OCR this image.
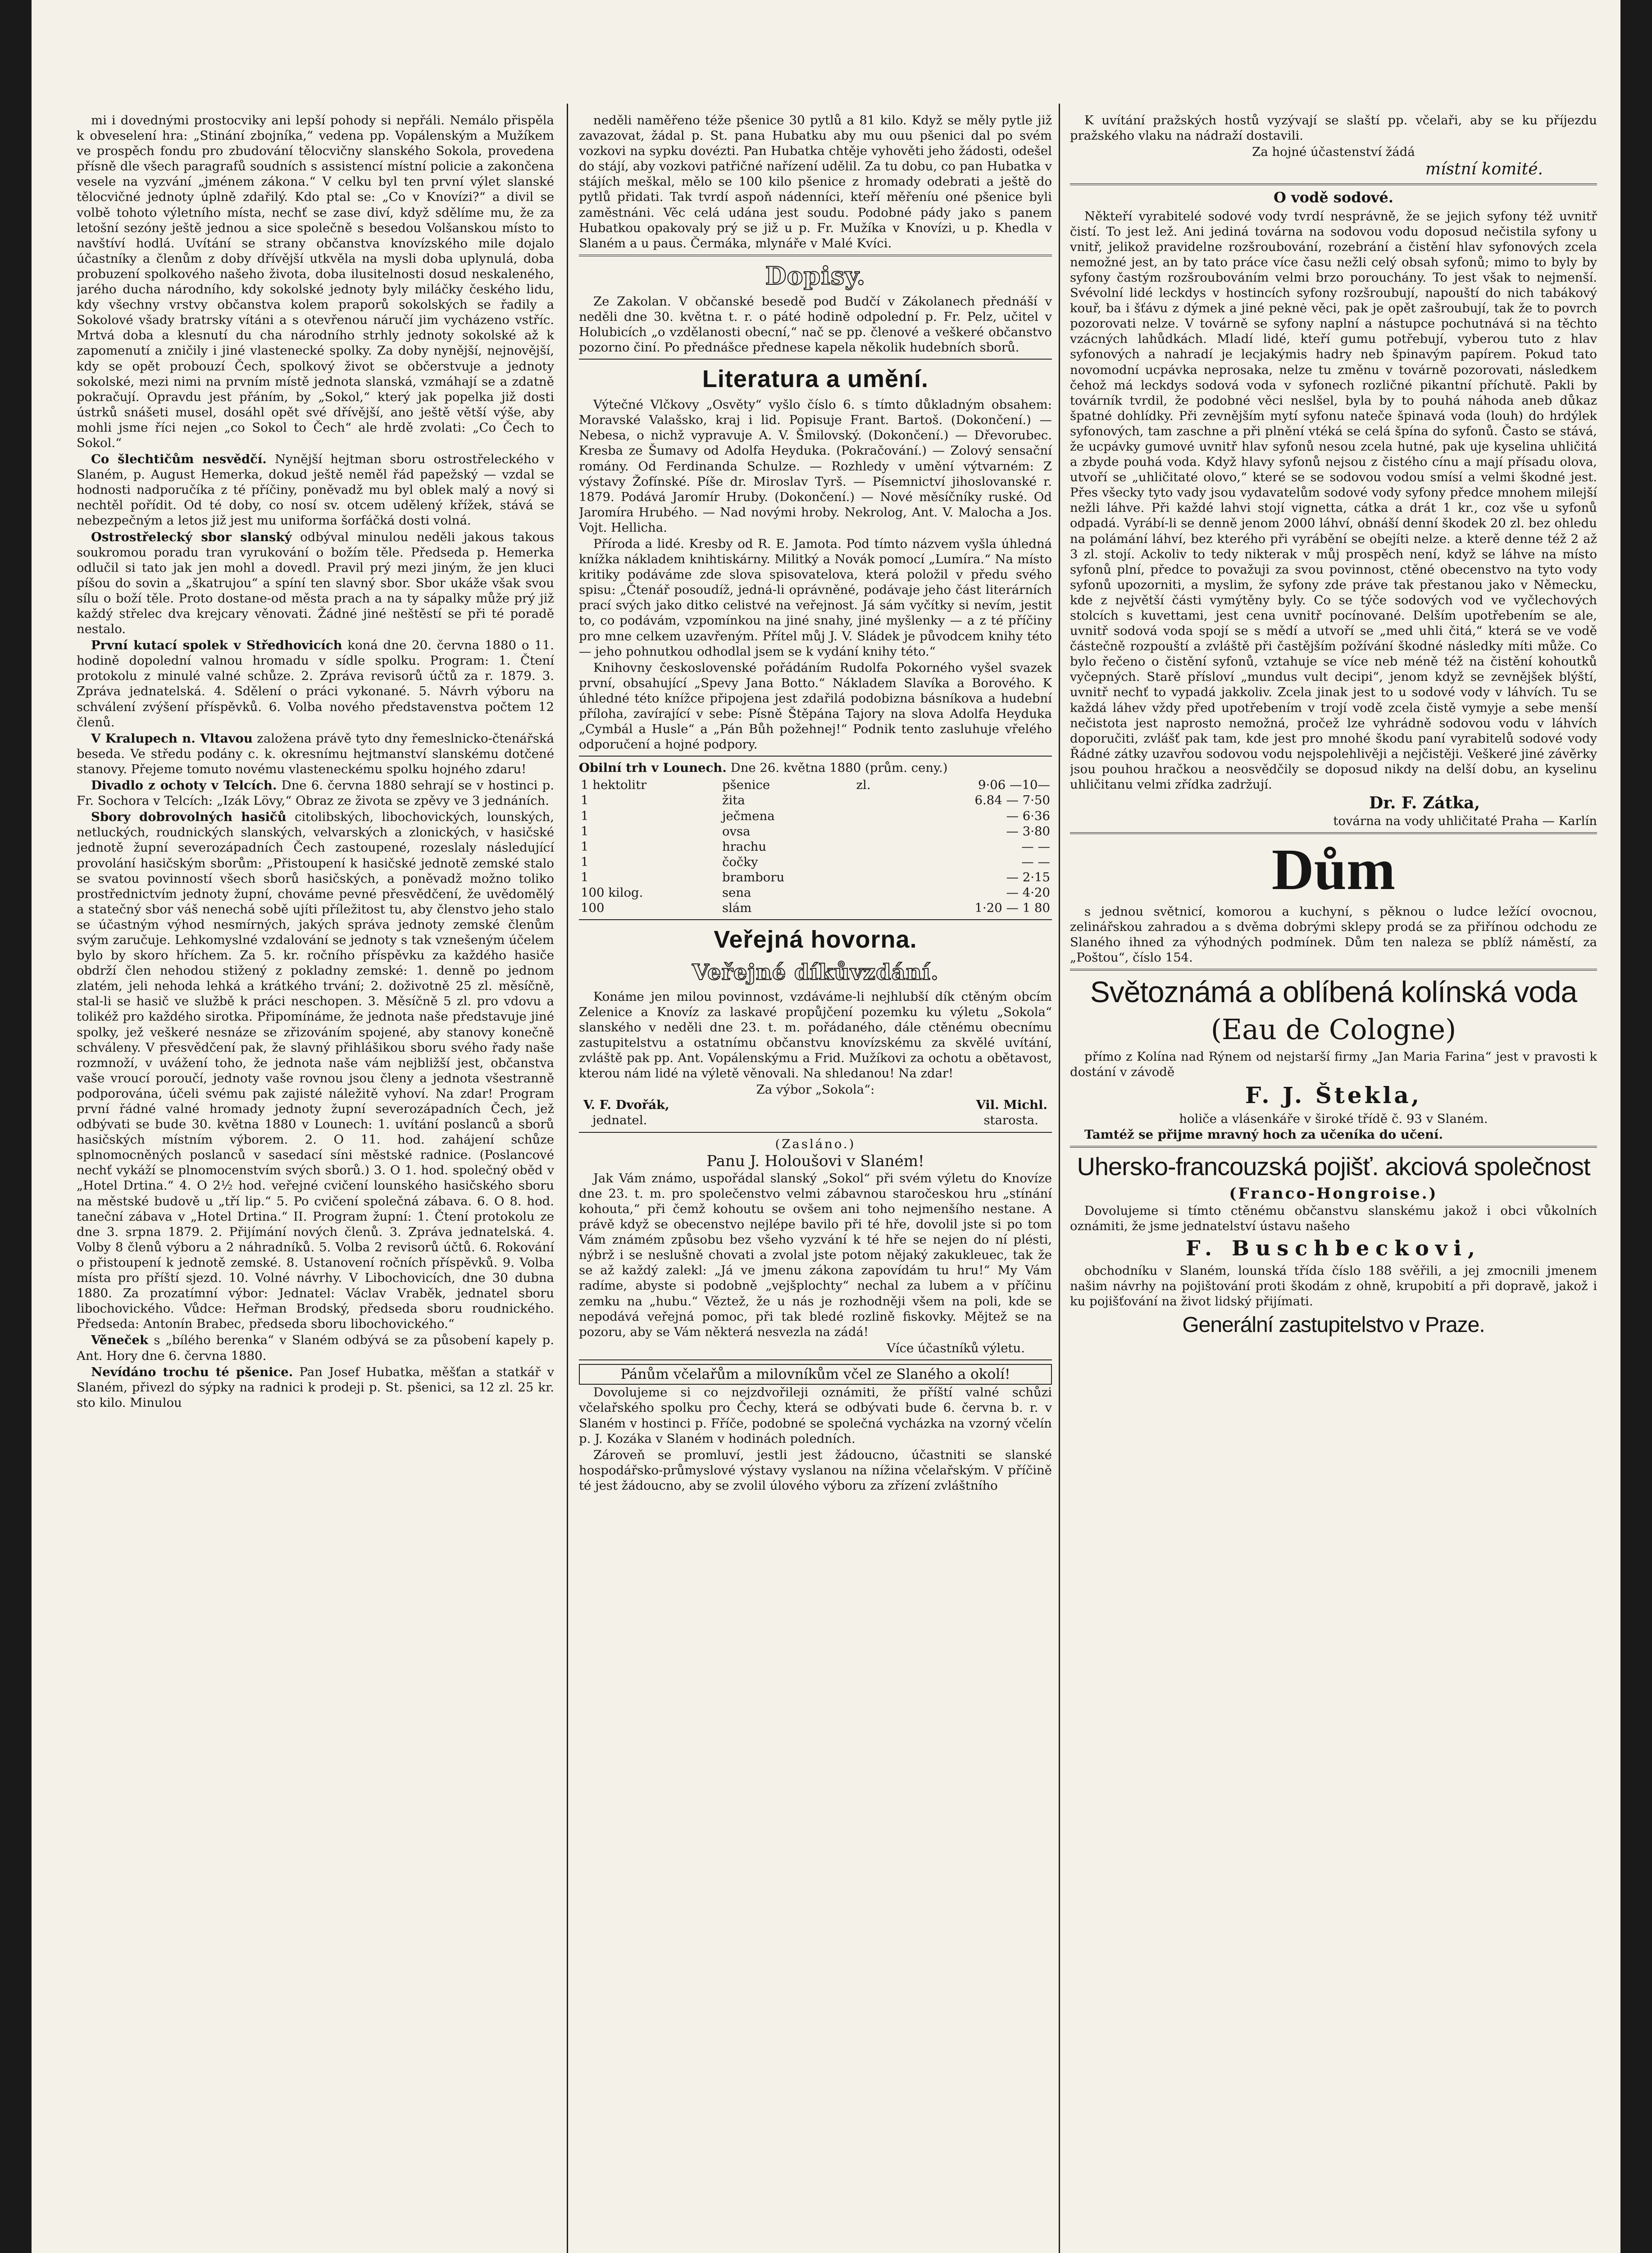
mi i dovednými prostocviky ani lepší pohody si nepřáli. Nemálo přispěla k obveselení hra: „Stinání zbojníka,“ vedena pp. Vopálenským a Mužíkem ve prospěch fondu pro zbudování tělocvičny slanského Sokola, provedena přísně dle všech paragrafů soudních s assistencí místní policie a zakončena vesele na vyzvání „jménem zákona.“ V celku byl ten první výlet slanské tělocvičné jednoty úplně zdařilý. Kdo ptal se: „Co v Knovízi?“ a divil se volbě tohoto výletního místa, nechť se zase diví, když sdělíme mu, že za letošní sezóny ještě jednou a sice společně s besedou Volšanskou místo to navštíví hodlá. Uvítání se strany občanstva knovízského mile dojalo účastníky a členům z doby dřívější utkvěla na mysli doba uplynulá, doba probuzení spolkového našeho života, doba ilusitelnosti dosud neskaleného, jarého ducha národního, kdy sokolské jednoty byly miláčky českého lidu, kdy všechny vrstvy občanstva kolem praporů sokolských se řadily a Sokolové všady bratrsky vítáni a s otevřenou náručí jim vycházeno vstříc. Mrtvá doba a klesnutí du cha národního strhly jednoty sokolské až k zapomenutí a zničily i jiné vlastenecké spolky. Za doby nynější, nejnovější, kdy se opět probouzí Čech, spolkový život se občerstvuje a jednoty sokolské, mezi nimi na prvním místě jednota slanská, vzmáhají se a zdatně pokračují. Opravdu jest přáním, by „Sokol,“ který jak popelka již dosti ústrků snášeti musel, dosáhl opět své dřívější, ano ještě větší výše, aby mohli jsme říci nejen „co Sokol to Čech“ ale hrdě zvolati: „Co Čech to Sokol.“

Co šlechtičům nesvědčí. Nynější hejtman sboru ostrostřeleckého v Slaném, p. August Hemerka, dokud ještě neměl řád papežský — vzdal se hodnosti nadporučíka z té příčiny, poněvadž mu byl oblek malý a nový si nechtěl pořídit. Od té doby, co nosí sv. otcem udělený křížek, stává se nebezpečným a letos již jest mu uniforma šorfáčká dosti volná.

Ostrostřelecký sbor slanský odbýval minulou neděli jakous takous soukromou poradu tran vyrukování o božím těle. Předseda p. Hemerka odlučil si tato jak jen mohl a dovedl. Pravil prý mezi jiným, že jen kluci píšou do sovin a „škatrujou“ a spíní ten slavný sbor. Sbor ukáže však svou sílu o boží těle. Proto dostane-od města prach a na ty sápalky může prý již každý střelec dva krejcary věnovati. Žádné jiné neštěstí se při té poradě nestalo.

První kutací spolek v Středhovicích koná dne 20. června 1880 o 11. hodině dopolední valnou hromadu v sídle spolku. Program: 1. Čtení protokolu z minulé valné schůze. 2. Zpráva revisorů účtů za r. 1879. 3. Zpráva jednatelská. 4. Sdělení o práci vykonané. 5. Návrh výboru na schválení zvýšení příspěvků. 6. Volba nového představenstva počtem 12 členů.

V Kralupech n. Vltavou založena právě tyto dny řemeslnicko-čtenářská beseda. Ve středu podány c. k. okresnímu hejtmanství slanskému dotčené stanovy. Přejeme tomuto novému vlasteneckému spolku hojného zdaru!

Divadlo z ochoty v Telcích. Dne 6. června 1880 sehrají se v hostinci p. Fr. Sochora v Telcích: „Izák Lövy,“ Obraz ze života se zpěvy ve 3 jednáních.

Sbory dobrovolných hasičů citolibských, libochovických, lounských, netluckých, roudnických slanských, velvarských a zlonických, v hasičské jednotě župní severozápadních Čech zastoupené, rozeslaly následující provolání hasičským sborům: „Přistoupení k hasičské jednotě zemské stalo se svatou povinností všech sborů hasičských, a poněvadž možno toliko prostřednictvím jednoty župní, chováme pevné přesvědčení, že uvědomělý a statečný sbor váš nenechá sobě ujíti příležitost tu, aby členstvo jeho stalo se účastným výhod nesmírných, jakých správa jednoty zemské členům svým zaručuje. Lehkomyslné vzdalování se jednoty s tak vznešeným účelem bylo by skoro hříchem. Za 5. kr. ročního příspěvku za každého hasiče obdrží člen nehodou stižený z pokladny zemské: 1. denně po jednom zlatém, jeli nehoda lehká a krátkého trvání; 2. doživotně 25 zl. měsíčně, stal-li se hasič ve službě k práci neschopen. 3. Měsíčně 5 zl. pro vdovu a tolikéž pro každého sirotka. Připomínáme, že jednota naše představuje jiné spolky, jež veškeré nesnáze se zřizováním spojené, aby stanovy konečně schváleny. V přesvědčení pak, že slavný přihlášikou sboru svého řady naše rozmnoží, v uvážení toho, že jednota naše vám nejbližší jest, občanstva vaše vroucí poroučí, jednoty vaše rovnou jsou členy a jednota všestranně podporována, účeli svému pak zajisté náležitě vyhoví. Na zdar! Program první řádné valné hromady jednoty župní severozápadních Čech, jež odbývati se bude 30. května 1880 v Lounech: 1. uvítání poslanců a sborů hasičských místním výborem. 2. O 11. hod. zahájení schůze splnomocněných poslanců v sasedací síni městské radnice. (Poslancové nechť vykáží se plnomocenstvím svých sborů.) 3. O 1. hod. společný oběd v „Hotel Drtina.“ 4. O 2½ hod. veřejné cvičení lounského hasičského sboru na městské budově u „tří lip.“ 5. Po cvičení společná zábava. 6. O 8. hod. taneční zábava v „Hotel Drtina.“ II. Program župní: 1. Čtení protokolu ze dne 3. srpna 1879. 2. Přijímání nových členů. 3. Zpráva jednatelská. 4. Volby 8 členů výboru a 2 náhradníků. 5. Volba 2 revisorů účtů. 6. Rokování o přistoupení k jednotě zemské. 8. Ustanovení ročních příspěvků. 9. Volba místa pro příští sjezd. 10. Volné návrhy. V Libochovicích, dne 30 dubna 1880. Za prozatímní výbor: Jednatel: Václav Vraběk, jednatel sboru libochovického. Vůdce: Heřman Brodský, předseda sboru roudnického. Předseda: Antonín Brabec, předseda sboru libochovického.“

Věneček s „bílého berenka“ v Slaném odbývá se za působení kapely p. Ant. Hory dne 6. června 1880.

Nevídáno trochu té pšenice. Pan Josef Hubatka, měšťan a statkář v Slaném, přivezl do sýpky na radnici k prodeji p. St. pšenici, sa 12 zl. 25 kr. sto kilo. Minulou

neděli naměřeno téže pšenice 30 pytlů a 81 kilo. Když se měly pytle již zavazovat, žádal p. St. pana Hubatku aby mu ouu pšenici dal po svém vozkovi na sypku dovézti. Pan Hubatka chtěje vyhověti jeho žádosti, odešel do stájí, aby vozkovi patřičné nařízení udělil. Za tu dobu, co pan Hubatka v stájích meškal, mělo se 100 kilo pšenice z hromady odebrati a ještě do pytlů přidati. Tak tvrdí aspoň nádenníci, kteří měřeníu oné pšenice byli zaměstnáni. Věc celá udána jest soudu. Podobné pády jako s panem Hubatkou opakovaly prý se již u p. Fr. Mužíka v Knovízi, u p. Khedla v Slaném a u paus. Čermáka, mlynáře v Malé Kvíci.

Dopisy.

Ze Zakolan. V občanské besedě pod Budčí v Zákolanech přednáší v neděli dne 30. května t. r. o páté hodině odpolední p. Fr. Pelz, učitel v Holubicích „o vzdělanosti obecní,“ nač se pp. členové a veškeré občanstvo pozorno činí. Po přednášce přednese kapela několik hudebních sborů.

Literatura a umění.

Výtečné Vlčkovy „Osvěty“ vyšlo číslo 6. s tímto důkladným obsahem: Moravské Valašsko, kraj i lid. Popisuje Frant. Bartoš. (Dokončení.) — Nebesa, o nichž vypravuje A. V. Šmilovský. (Dokončení.) — Dřevorubec. Kresba ze Šumavy od Adolfa Heyduka. (Pokračování.) — Zolový sensační romány. Od Ferdinanda Schulze. — Rozhledy v umění výtvarném: Z výstavy Žofínské. Píše dr. Miroslav Tyrš. — Písemnictví jihoslovanské r. 1879. Podává Jaromír Hruby. (Dokončení.) — Nové měsíčníky ruské. Od Jaromíra Hrubého. — Nad novými hroby. Nekrolog, Ant. V. Malocha a Jos. Vojt. Hellicha.

Příroda a lidé. Kresby od R. E. Jamota. Pod tímto názvem vyšla úhledná knížka nákladem knihtiskárny. Militký a Novák pomocí „Lumíra.“ Na místo kritiky podáváme zde slova spisovatelova, která položil v předu svého spisu: „Čtenář posoudíž, jedná-li oprávněné, podávaje jeho část literárních prací svých jako ditko celistvé na veřejnost. Já sám vyčítky si nevím, jestit to, co podávám, vzpomínkou na jiné snahy, jiné myšlenky — a z té příčiny pro mne celkem uzavřeným. Přítel můj J. V. Sládek je původcem knihy této — jeho pohnutkou odhodlal jsem se k vydání knihy této.“

Knihovny československé pořádáním Rudolfa Pokorného vyšel svazek první, obsahující „Spevy Jana Botto.“ Nákladem Slavíka a Borového. K úhledné této knížce připojena jest zdařilá podobizna básníkova a hudební příloha, zavírající v sebe: Písně Štěpána Tajory na slova Adolfa Heyduka „Cymbál a Husle“ a „Pán Bůh požehnej!“ Podnik tento zasluhuje vřelého odporučení a hojné podpory.

Obilní trh v Lounech. Dne 26. května 1880 (prům. ceny.)

1 hektolitr	pšenice	zl.	9·06 —10—
1	žita		6.84 — 7·50
1	ječmena		— 6·36
1	ovsa		— 3·80
1	hrachu		— —
1	čočky		— —
1	bramboru		— 2·15
100 kilog.	sena		— 4·20
100	slám		1·20 — 1 80
Veřejná hovorna.
Veřejné díkůvzdání.

Konáme jen milou povinnost, vzdáváme-li nejhlubší dík ctěným obcím Zelenice a Knovíz za laskavé propůjčení pozemku ku výletu „Sokola“ slanského v neděli dne 23. t. m. pořádaného, dále ctěnému obecnímu zastupitelstvu a ostatnímu občanstvu knovízskému za skvělé uvítání, zvláště pak pp. Ant. Vopálenskýmu a Frid. Mužíkovi za ochotu a obětavost, kterou nám lidé na výletě věnovali. Na shledanou! Na zdar!

Za výbor „Sokola“:
V. F. Dvořák,	Vil. Michl.
jednatel.	starosta.
(Zasláno.)
Panu J. Holoušovi v Slaném!

Jak Vám známo, uspořádal slanský „Sokol“ při svém výletu do Knovíze dne 23. t. m. pro společenstvo velmi zábavnou staročeskou hru „stínání kohouta,“ při čemž kohoutu se ovšem ani toho nejmenšího nestane. A právě když se obecenstvo nejlépe bavilo při té hře, dovolil jste si po tom Vám známém způsobu bez všeho vyzvání k té hře se nejen do ní plésti, nýbrž i se neslušně chovati a zvolal jste potom nějaký zakukleuec, tak že se až každý zalekl: „Já ve jmenu zákona zapovídám tu hru!“ My Vám radíme, abyste si podobně „vejšplochty“ nechal za lubem a v příčinu zemku na „hubu.“ Věztež, že u nás je rozhodněji všem na poli, kde se nepodává veřejná pomoc, při tak bledé rozlině fiskovky. Mějtež se na pozoru, aby se Vám některá nesvezla na zádá!

Více účastníků výletu.
Pánům včelařům a milovníkům včel ze Slaného a okolí!

Dovolujeme si co nejzdvořileji oznámiti, že příští valné schůzi včelařského spolku pro Čechy, která se odbývati bude 6. června b. r. v Slaném v hostinci p. Fříče, podobné se společná vycházka na vzorný včelín p. J. Kozáka v Slaném v hodinách poledních.

Zároveň se promluví, jestli jest žádoucno, účastniti se slanské hospodářsko-průmyslové výstavy vyslanou na nížina včelařským. V příčině té jest žádoucno, aby se zvolil úlového výboru za zřízení zvláštního

K uvítání pražských hostů vyzývají se slaští pp. včelaři, aby se ku příjezdu pražského vlaku na nádraží dostavili.

Za hojné účastenství žádá
místní komité.
O vodě sodové.

Někteří vyrabitelé sodové vody tvrdí nesprávně, že se jejich syfony též uvnitř čistí. To jest lež. Ani jediná továrna na sodovou vodu doposud nečistila syfony u vnitř, jelikož pravidelne rozšroubování, rozebrání a čistění hlav syfonových zcela nemožné jest, an by tato práce více času nežli celý obsah syfonů; mimo to byly by syfony častým rozšroubováním velmi brzo porouchány. To jest však to nejmenší. Svévolní lidé leckdys v hostincích syfony rozšroubují, napouští do nich tabákový kouř, ba i šťávu z dýmek a jiné peknė věci, pak je opět zašroubují, tak že to povrch pozorovati nelze. V továrně se syfony naplní a nástupce pochutnává si na těchto vzácných lahůdkách. Mladí lidé, kteří gumu potřebují, vyberou tuto z hlav syfonových a nahradí je lecjakýmis hadry neb špinavým papírem. Pokud tato novomodní ucpávka neprosaka, nelze tu změnu v továrně pozorovati, následkem čehož má leckdys sodová voda v syfonech rozličné pikantní příchutě. Pakli by továrník tvrdil, že podobné věci neslšel, byla by to pouhá náhoda aneb důkaz špatné dohlídky. Při zevnějším mytí syfonu nateče špinavá voda (louh) do hrdýlek syfonových, tam zaschne a při plnění vtéká se celá špína do syfonů. Často se stává, že ucpávky gumové uvnitř hlav syfonů nesou zcela hutné, pak uje kyselina uhličitá a zbyde pouhá voda. Když hlavy syfonů nejsou z čistého cínu a mají přísadu olova, utvoří se „uhličitaté olovo,“ které se se sodovou vodou smísí a velmi škodné jest. Přes všecky tyto vady jsou vydavatelům sodové vody syfony předce mnohem milejší nežli láhve. Při každé lahvi stojí vignetta, cátka a drát 1 kr., coz vše u syfonů odpadá. Vyrábí-li se denně jenom 2000 láhví, obnáší denní škodek 20 zl. bez ohledu na polámání láhví, bez kterého při vyrábění se obejíti nelze. a kterě denne též 2 až 3 zl. stojí. Ackoliv to tedy nikterak v můj prospěch není, když se láhve na místo syfonů plní, předce to považuji za svou povinnost, ctěné obecenstvo na tyto vody syfonů upozorniti, a myslim, že syfony zde práve tak přestanou jako v Německu, kde z největší části vymýtěny byly. Co se týče sodových vod ve vyčlechových stolcích s kuvettami, jest cena uvnitř pocínované. Delším upotřebením se ale, uvnitř sodová voda spojí se s mědí a utvoří se „med uhli čitá,“ která se ve vodě částečně rozpouští a zvláště při častějším požívání škodné následky míti může. Co bylo řečeno o čistění syfonů, vztahuje se více neb méně též na čistění kohoutků vyčepných. Starě přísloví „mundus vult decipi“, jenom když se zevnějšek blýští, uvnitř nechť to vypadá jakkoliv. Zcela jinak jest to u sodové vody v láhvích. Tu se každá láhev vždy před upotřebením v trojí vodě zcela čistě vymyje a sebe menší nečistota jest naprosto nemožná, pročež lze vyhrádně sodovou vodu v láhvích doporučiti, zvlášť pak tam, kde jest pro mnohé škodu paní vyrabitelů sodové vody Řádné zátky uzavřou sodovou vodu nejspolehlivěji a nejčistěji. Veškeré jiné závěrky jsou pouhou hračkou a neosvědčily se doposud nikdy na delší dobu, an kyselinu uhličitanu velmi zřídka zadržují.

Dr. F. Zátka,
továrna na vody uhličitaté Praha — Karlín
Dům

s jednou světnicí, komorou a kuchyní, s pěknou o ludce ležící ovocnou, zelinářskou zahradou a s dvěma dobrými sklepy prodá se za přiřínou odchodu ze Slaného ihned za výhodných podmínek. Dům ten naleza se pblíž náměstí, za „Poštou“, číslo 154.

Světoznámá a oblíbená kolínská voda
(Eau de Cologne)

přímo z Kolína nad Rýnem od nejstarší firmy „Jan Maria Farina“ jest v pravosti k dostání v závodě

F. J. Štekla,
holiče a vlásenkáře v široké třídě č. 93 v Slaném.

Tamtéž se přijme mravný hoch za učeníka do učení.

Uhersko-francouzská pojišť. akciová společnost
(Franco-Hongroise.)

Dovolujeme si tímto ctěnému občanstvu slanskému jakož i obci vůkolních oznámiti, že jsme jednatelství ústavu našeho

F. Buschbeckovi,

obchodníku v Slaném, lounská třída číslo 188 svěřili, a jej zmocnili jmenem našim návrhy na pojištování proti škodám z ohně, krupobití a při dopravě, jakož i ku pojišťování na život lidský přijímati.

Generální zastupitelstvo v Praze.
